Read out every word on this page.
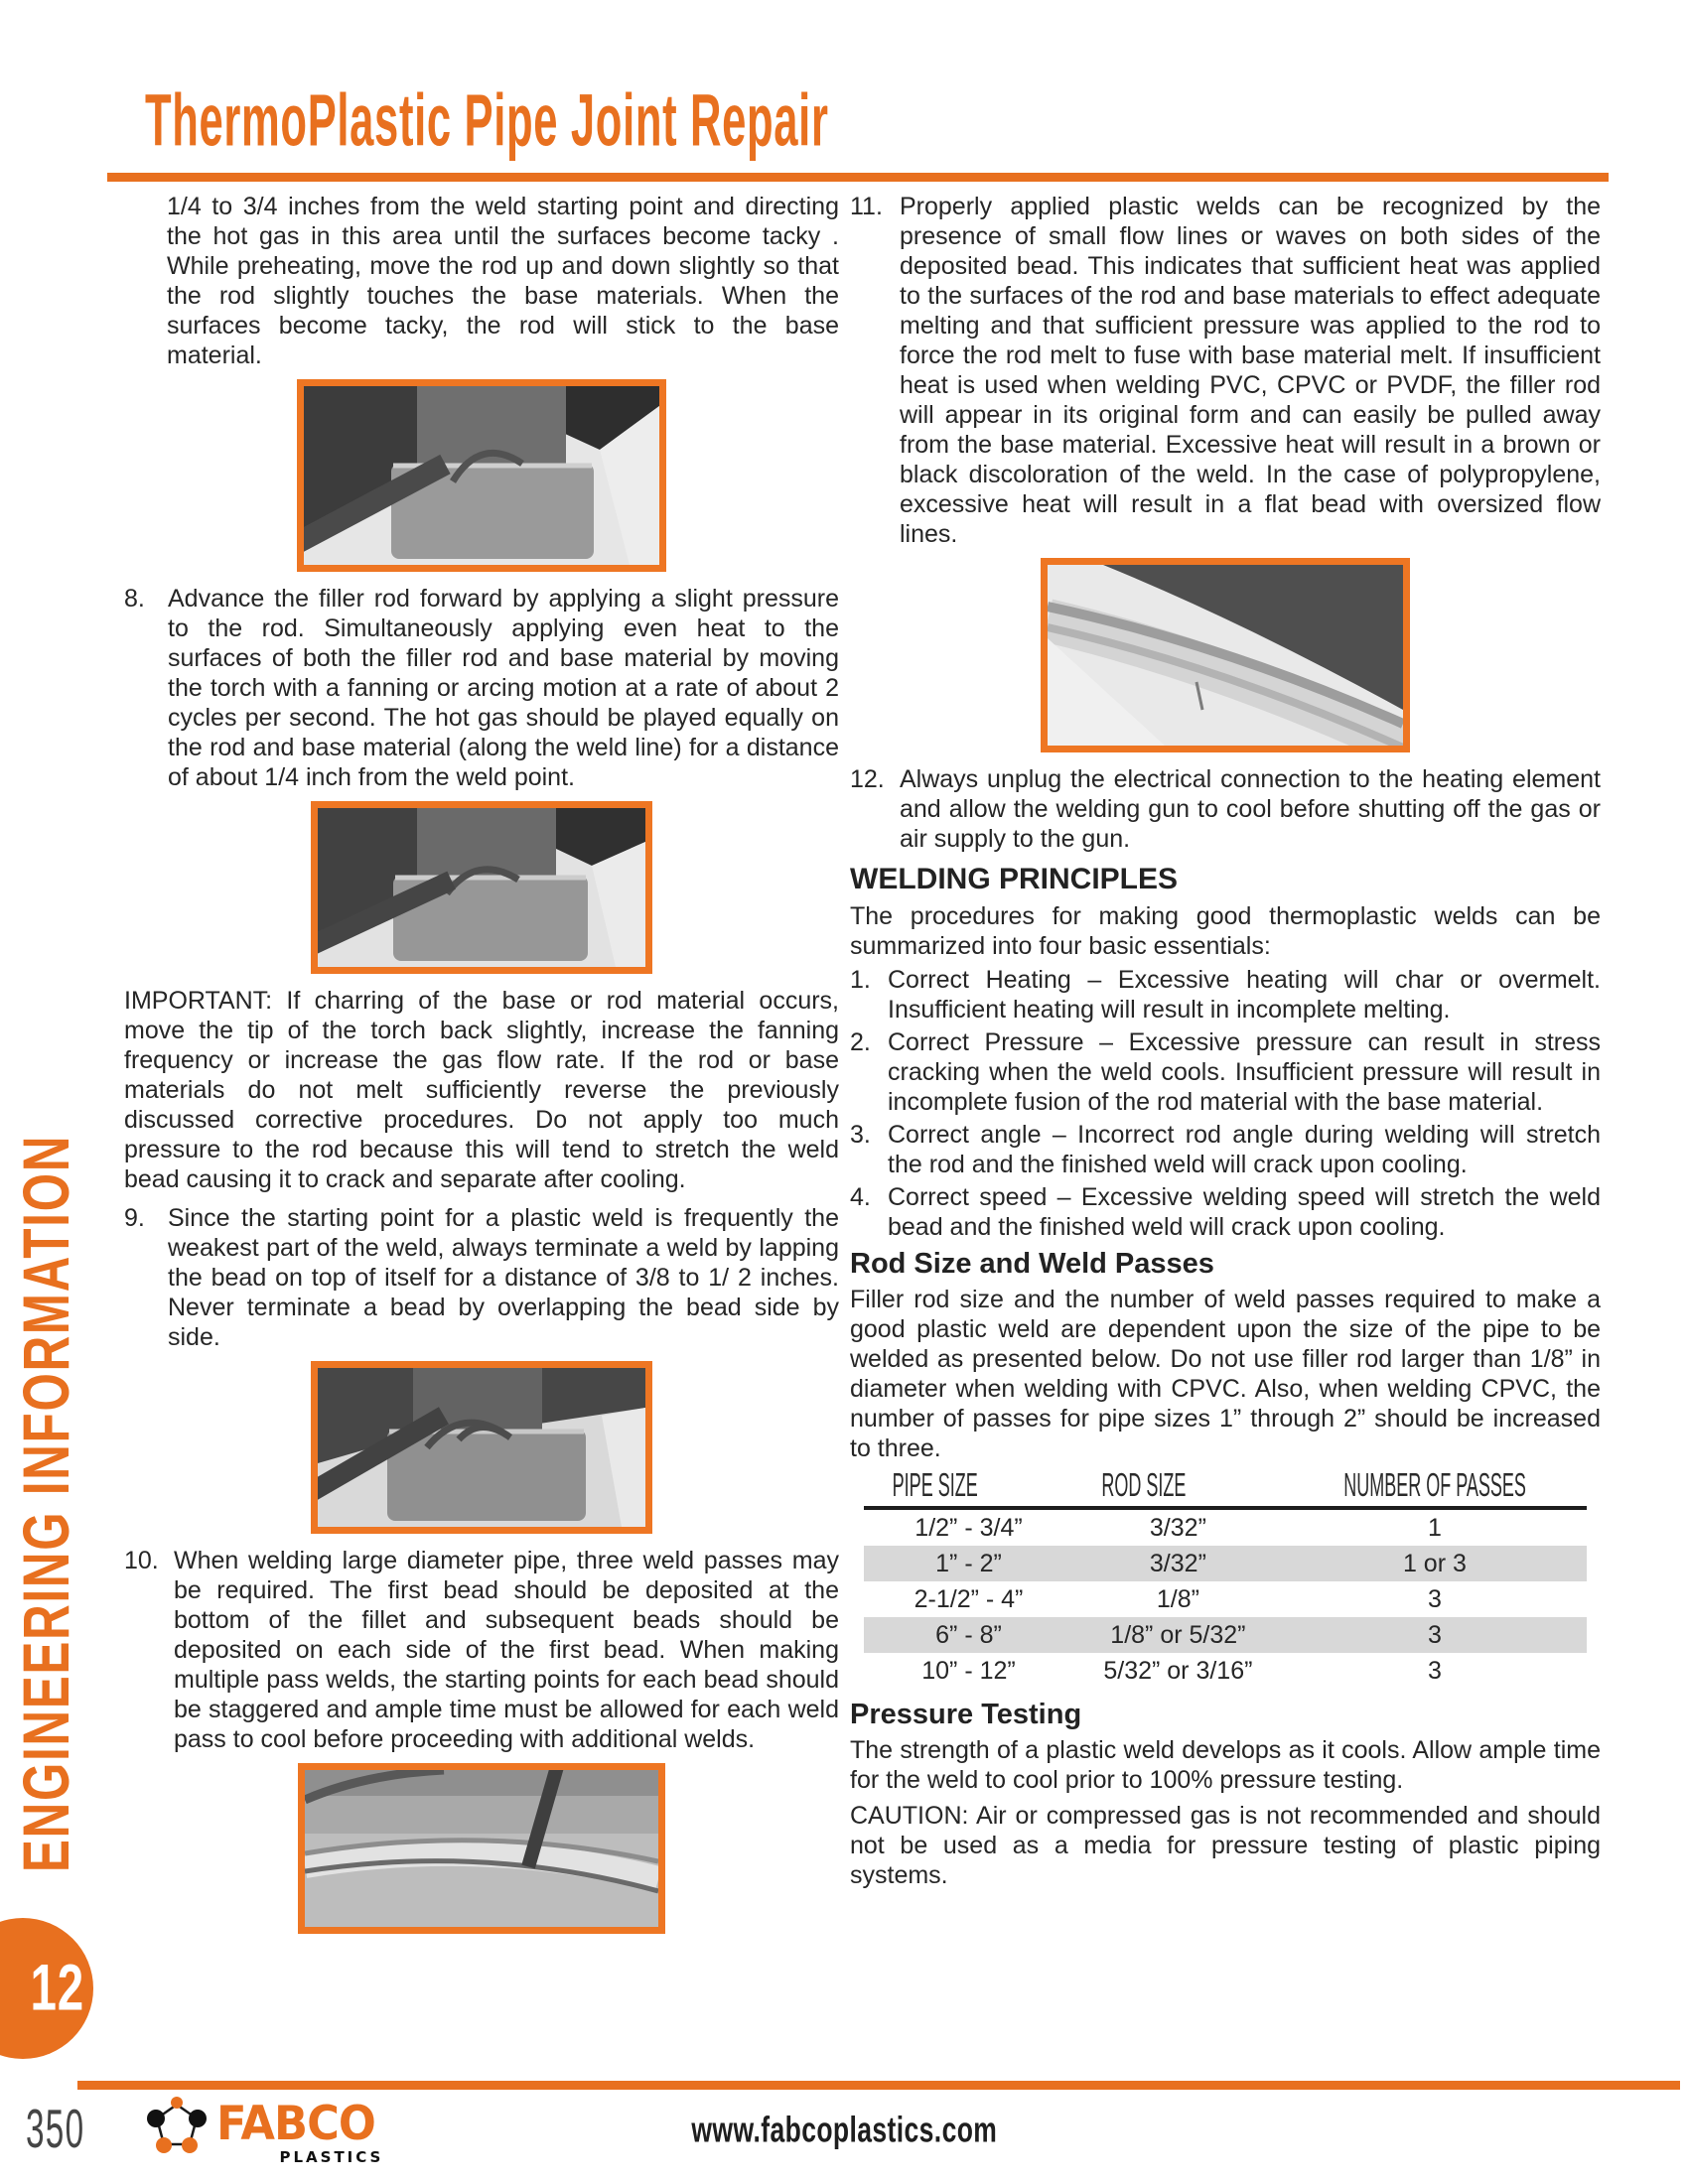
ThermoPlastic Pipe Joint Repair
ENGINEERING INFORMATION
12

1/4 to 3/4 inches from the weld starting point and directing the hot gas in this area until the surfaces become tacky . While preheating, move the rod up and down slightly so that the rod slightly touches the base materials. When the surfaces become tacky, the rod will stick to the base material.

8. Advance the filler rod forward by applying a slight pressure to the rod. Simultaneously applying even heat to the surfaces of both the filler rod and base material by moving the torch with a fanning or arcing motion at a rate of about 2 cycles per second. The hot gas should be played equally on the rod and base material (along the weld line) for a distance of about 1/4 inch from the weld point.

IMPORTANT: If charring of the base or rod material occurs, move the tip of the torch back slightly, increase the fanning frequency or increase the gas flow rate. If the rod or base materials do not melt sufficiently reverse the previously discussed corrective procedures. Do not apply too much pressure to the rod because this will tend to stretch the weld bead causing it to crack and separate after cooling.

9. Since the starting point for a plastic weld is frequently the weakest part of the weld, always terminate a weld by lapping the bead on top of itself for a distance of 3/8 to 1/ 2 inches. Never terminate a bead by overlapping the bead side by side.
10. When welding large diameter pipe, three weld passes may be required. The first bead should be deposited at the bottom of the fillet and subsequent beads should be deposited on each side of the first bead. When making multiple pass welds, the starting points for each bead should be staggered and ample time must be allowed for each weld pass to cool before proceeding with additional welds.
11. Properly applied plastic welds can be recognized by the presence of small flow lines or waves on both sides of the deposited bead. This indicates that sufficient heat was applied to the surfaces of the rod and base materials to effect adequate melting and that sufficient pressure was applied to the rod to force the rod melt to fuse with base material melt. If insufficient heat is used when welding PVC, CPVC or PVDF, the filler rod will appear in its original form and can easily be pulled away from the base material. Excessive heat will result in a brown or black discoloration of the weld. In the case of polypropylene, excessive heat will result in a flat bead with oversized flow lines.
12. Always unplug the electrical connection to the heating element and allow the welding gun to cool before shutting off the gas or air supply to the gun.
WELDING PRINCIPLES

The procedures for making good thermoplastic welds can be summarized into four basic essentials:

1. Correct Heating – Excessive heating will char or overmelt. Insufficient heating will result in incomplete melting.
2. Correct Pressure – Excessive pressure can result in stress cracking when the weld cools. Insufficient pressure will result in incomplete fusion of the rod material with the base material.
3. Correct angle – Incorrect rod angle during welding will stretch the rod and the finished weld will crack upon cooling.
4. Correct speed – Excessive welding speed will stretch the weld bead and the finished weld will crack upon cooling.
Rod Size and Weld Passes

Filler rod size and the number of weld passes required to make a good plastic weld are dependent upon the size of the pipe to be welded as presented below. Do not use filler rod larger than 1/8” in diameter when welding with CPVC. Also, when welding CPVC, the number of passes for pipe sizes 1” through 2” should be increased to three.

PIPE SIZE	ROD SIZE	NUMBER OF PASSES
1/2” - 3/4”	3/32”	1
1” - 2”	3/32”	1 or 3
2-1/2” - 4”	1/8”	3
6” - 8”	1/8” or 5/32”	3
10” - 12”	5/32” or 3/16”	3
Pressure Testing

The strength of a plastic weld develops as it cools. Allow ample time for the weld to cool prior to 100% pressure testing.

CAUTION: Air or compressed gas is not recommended and should not be used as a media for pressure testing of plastic piping systems.

350	FABCO
PLASTICS
www.fabcoplastics.com
